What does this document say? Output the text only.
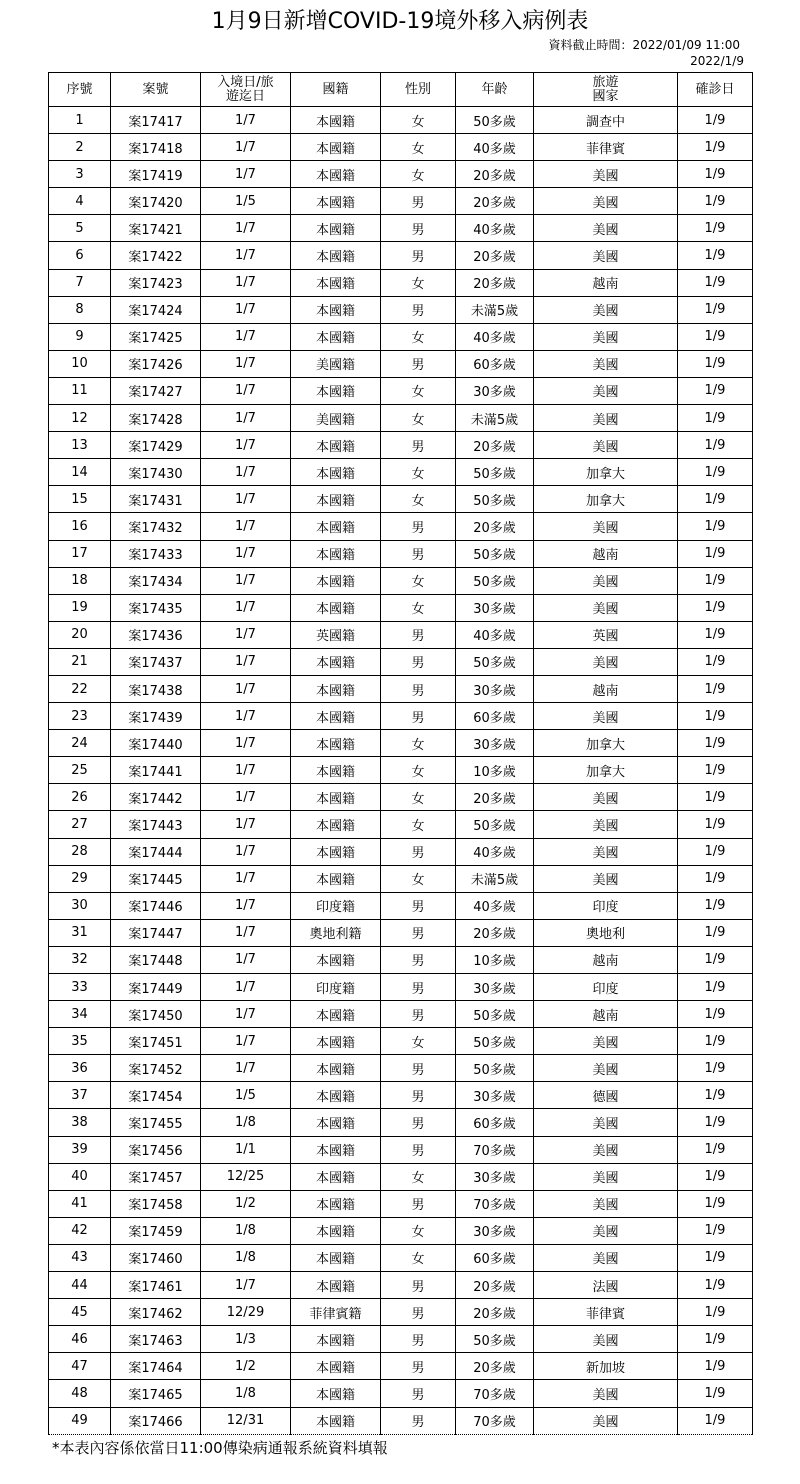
1月9日新增COVID-19境外移入病例表
資料截止時間：2022/01/09 11:00
2022/1/9
序號	案號	入境日/旅遊迄日	國籍	性別	年齡	旅遊國家	確診日
1	案17417	1/7	本國籍	女	50多歲	調查中	1/9
2	案17418	1/7	本國籍	女	40多歲	菲律賓	1/9
3	案17419	1/7	本國籍	女	20多歲	美國	1/9
4	案17420	1/5	本國籍	男	20多歲	美國	1/9
5	案17421	1/7	本國籍	男	40多歲	美國	1/9
6	案17422	1/7	本國籍	男	20多歲	美國	1/9
7	案17423	1/7	本國籍	女	20多歲	越南	1/9
8	案17424	1/7	本國籍	男	未滿5歲	美國	1/9
9	案17425	1/7	本國籍	女	40多歲	美國	1/9
10	案17426	1/7	美國籍	男	60多歲	美國	1/9
11	案17427	1/7	本國籍	女	30多歲	美國	1/9
12	案17428	1/7	美國籍	女	未滿5歲	美國	1/9
13	案17429	1/7	本國籍	男	20多歲	美國	1/9
14	案17430	1/7	本國籍	女	50多歲	加拿大	1/9
15	案17431	1/7	本國籍	女	50多歲	加拿大	1/9
16	案17432	1/7	本國籍	男	20多歲	美國	1/9
17	案17433	1/7	本國籍	男	50多歲	越南	1/9
18	案17434	1/7	本國籍	女	50多歲	美國	1/9
19	案17435	1/7	本國籍	女	30多歲	美國	1/9
20	案17436	1/7	英國籍	男	40多歲	英國	1/9
21	案17437	1/7	本國籍	男	50多歲	美國	1/9
22	案17438	1/7	本國籍	男	30多歲	越南	1/9
23	案17439	1/7	本國籍	男	60多歲	美國	1/9
24	案17440	1/7	本國籍	女	30多歲	加拿大	1/9
25	案17441	1/7	本國籍	女	10多歲	加拿大	1/9
26	案17442	1/7	本國籍	女	20多歲	美國	1/9
27	案17443	1/7	本國籍	女	50多歲	美國	1/9
28	案17444	1/7	本國籍	男	40多歲	美國	1/9
29	案17445	1/7	本國籍	女	未滿5歲	美國	1/9
30	案17446	1/7	印度籍	男	40多歲	印度	1/9
31	案17447	1/7	奧地利籍	男	20多歲	奧地利	1/9
32	案17448	1/7	本國籍	男	10多歲	越南	1/9
33	案17449	1/7	印度籍	男	30多歲	印度	1/9
34	案17450	1/7	本國籍	男	50多歲	越南	1/9
35	案17451	1/7	本國籍	女	50多歲	美國	1/9
36	案17452	1/7	本國籍	男	50多歲	美國	1/9
37	案17454	1/5	本國籍	男	30多歲	德國	1/9
38	案17455	1/8	本國籍	男	60多歲	美國	1/9
39	案17456	1/1	本國籍	男	70多歲	美國	1/9
40	案17457	12/25	本國籍	女	30多歲	美國	1/9
41	案17458	1/2	本國籍	男	70多歲	美國	1/9
42	案17459	1/8	本國籍	女	30多歲	美國	1/9
43	案17460	1/8	本國籍	女	60多歲	美國	1/9
44	案17461	1/7	本國籍	男	20多歲	法國	1/9
45	案17462	12/29	菲律賓籍	男	20多歲	菲律賓	1/9
46	案17463	1/3	本國籍	男	50多歲	美國	1/9
47	案17464	1/2	本國籍	男	20多歲	新加坡	1/9
48	案17465	1/8	本國籍	男	70多歲	美國	1/9
49	案17466	12/31	本國籍	男	70多歲	美國	1/9
*本表內容係依當日11:00傳染病通報系統資料填報
